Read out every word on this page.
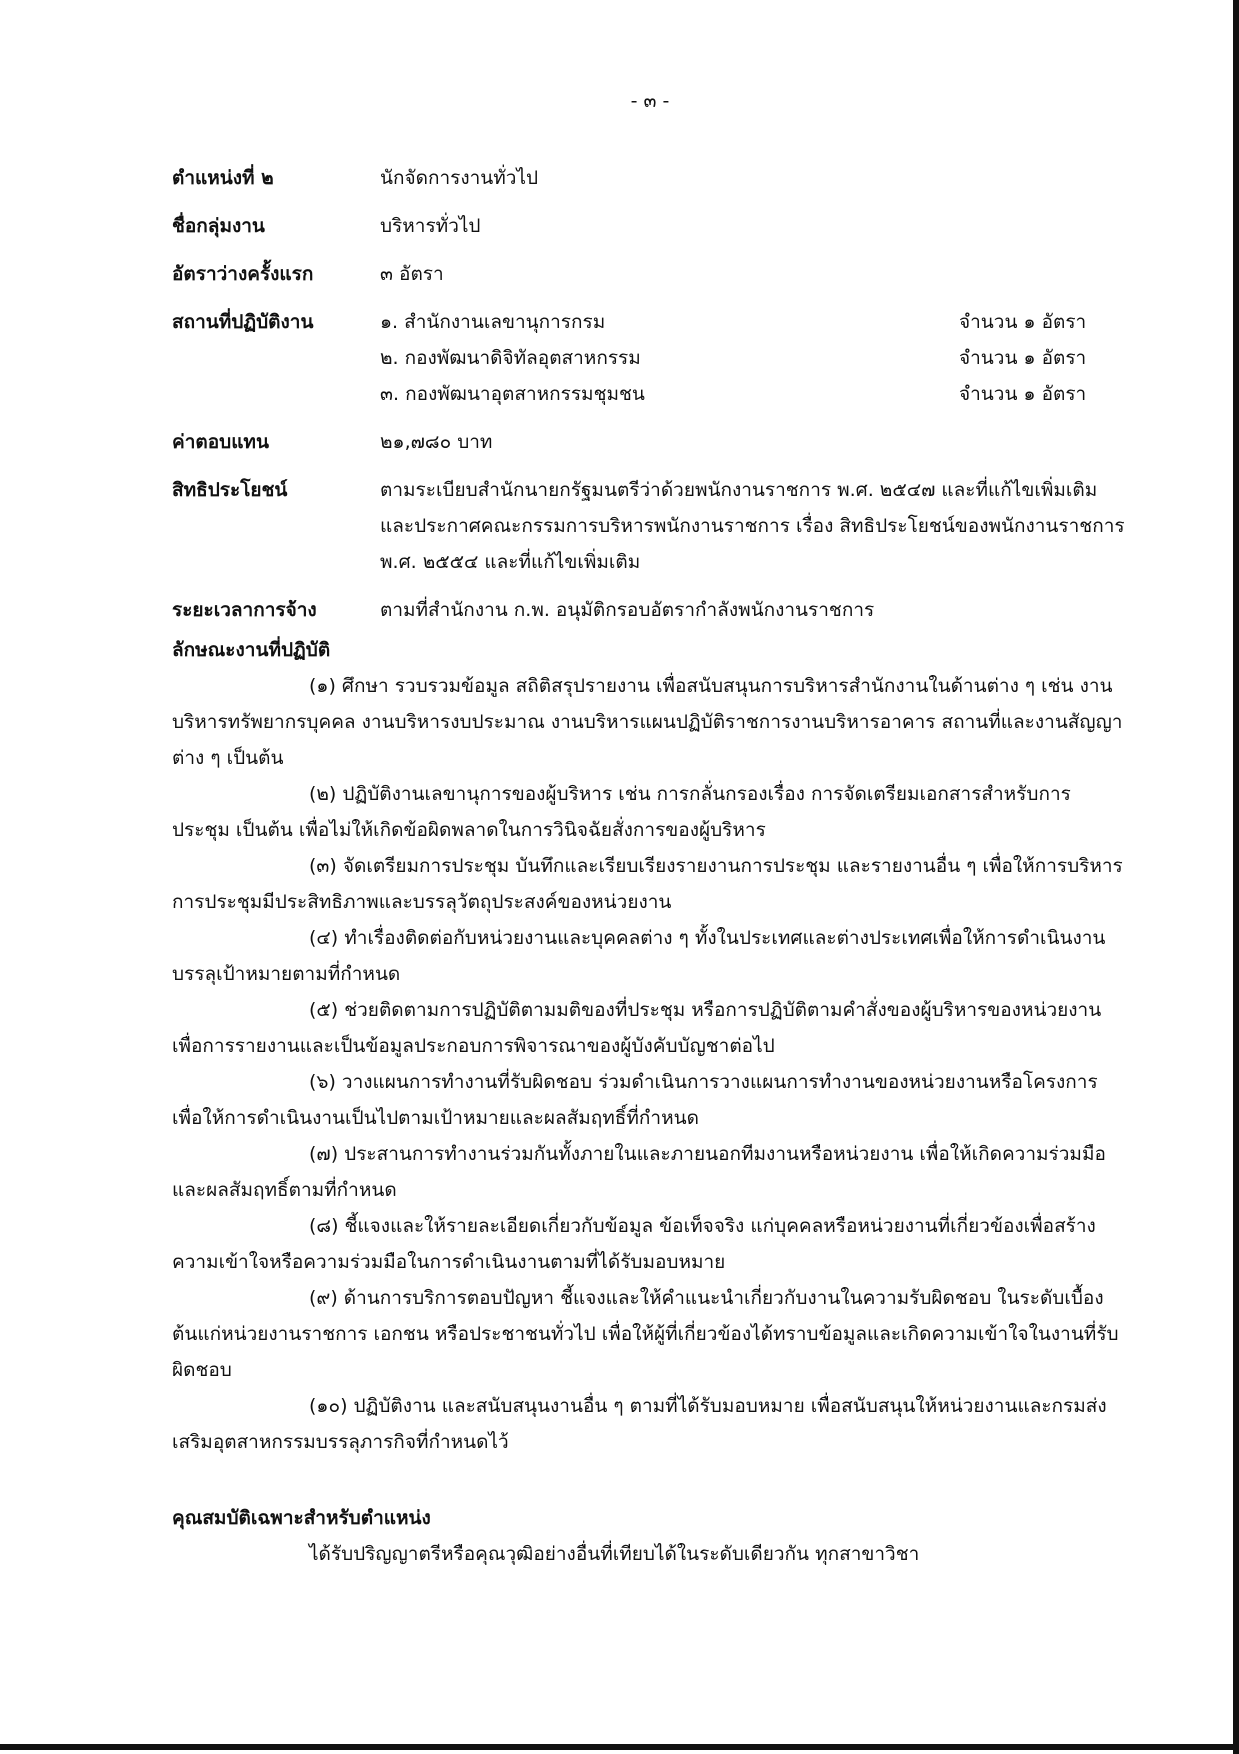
- ๓ -
ตำแหน่งที่ ๒	นักจัดการงานทั่วไป
ชื่อกลุ่มงาน	บริหารทั่วไป
อัตราว่างครั้งแรก	๓ อัตรา
สถานที่ปฏิบัติงาน	๑. สำนักงานเลขานุการกรม	จำนวน ๑ อัตรา
๒. กองพัฒนาดิจิทัลอุตสาหกรรม	จำนวน ๑ อัตรา
๓. กองพัฒนาอุตสาหกรรมชุมชน	จำนวน ๑ อัตรา
ค่าตอบแทน	๒๑,๗๘๐ บาท
สิทธิประโยชน์	ตามระเบียบสำนักนายกรัฐมนตรีว่าด้วยพนักงานราชการ พ.ศ. ๒๕๔๗ และที่แก้ไขเพิ่มเติม และประกาศคณะกรรมการบริหารพนักงานราชการ เรื่อง สิทธิประโยชน์ของพนักงานราชการ พ.ศ. ๒๕๕๔ และที่แก้ไขเพิ่มเติม
ระยะเวลาการจ้าง	ตามที่สำนักงาน ก.พ. อนุมัติกรอบอัตรากำลังพนักงานราชการ
ลักษณะงานที่ปฏิบัติ

(๑) ศึกษา รวบรวมข้อมูล สถิติสรุปรายงาน เพื่อสนับสนุนการบริหารสำนักงานในด้านต่าง ๆ เช่น งานบริหารทรัพยากรบุคคล งานบริหารงบประมาณ งานบริหารแผนปฏิบัติราชการงานบริหารอาคาร สถานที่และงานสัญญาต่าง ๆ เป็นต้น

(๒) ปฏิบัติงานเลขานุการของผู้บริหาร เช่น การกลั่นกรองเรื่อง การจัดเตรียมเอกสารสำหรับการประชุม เป็นต้น เพื่อไม่ให้เกิดข้อผิดพลาดในการวินิจฉัยสั่งการของผู้บริหาร

(๓) จัดเตรียมการประชุม บันทึกและเรียบเรียงรายงานการประชุม และรายงานอื่น ๆ เพื่อให้การบริหารการประชุมมีประสิทธิภาพและบรรลุวัตถุประสงค์ของหน่วยงาน

(๔) ทำเรื่องติดต่อกับหน่วยงานและบุคคลต่าง ๆ ทั้งในประเทศและต่างประเทศเพื่อให้การดำเนินงานบรรลุเป้าหมายตามที่กำหนด

(๕) ช่วยติดตามการปฏิบัติตามมติของที่ประชุม หรือการปฏิบัติตามคำสั่งของผู้บริหารของหน่วยงาน เพื่อการรายงานและเป็นข้อมูลประกอบการพิจารณาของผู้บังคับบัญชาต่อไป

(๖) วางแผนการทำงานที่รับผิดชอบ ร่วมดำเนินการวางแผนการทำงานของหน่วยงานหรือโครงการเพื่อให้การดำเนินงานเป็นไปตามเป้าหมายและผลสัมฤทธิ์ที่กำหนด

(๗) ประสานการทำงานร่วมกันทั้งภายในและภายนอกทีมงานหรือหน่วยงาน เพื่อให้เกิดความร่วมมือและผลสัมฤทธิ์ตามที่กำหนด

(๘) ชี้แจงและให้รายละเอียดเกี่ยวกับข้อมูล ข้อเท็จจริง แก่บุคคลหรือหน่วยงานที่เกี่ยวข้องเพื่อสร้างความเข้าใจหรือความร่วมมือในการดำเนินงานตามที่ได้รับมอบหมาย

(๙) ด้านการบริการตอบปัญหา ชี้แจงและให้คำแนะนำเกี่ยวกับงานในความรับผิดชอบ ในระดับเบื้องต้นแก่หน่วยงานราชการ เอกชน หรือประชาชนทั่วไป เพื่อให้ผู้ที่เกี่ยวข้องได้ทราบข้อมูลและเกิดความเข้าใจในงานที่รับผิดชอบ

(๑๐) ปฏิบัติงาน และสนับสนุนงานอื่น ๆ ตามที่ได้รับมอบหมาย เพื่อสนับสนุนให้หน่วยงานและกรมส่งเสริมอุตสาหกรรมบรรลุภารกิจที่กำหนดไว้

คุณสมบัติเฉพาะสำหรับตำแหน่ง

ได้รับปริญญาตรีหรือคุณวุฒิอย่างอื่นที่เทียบได้ในระดับเดียวกัน ทุกสาขาวิชา
